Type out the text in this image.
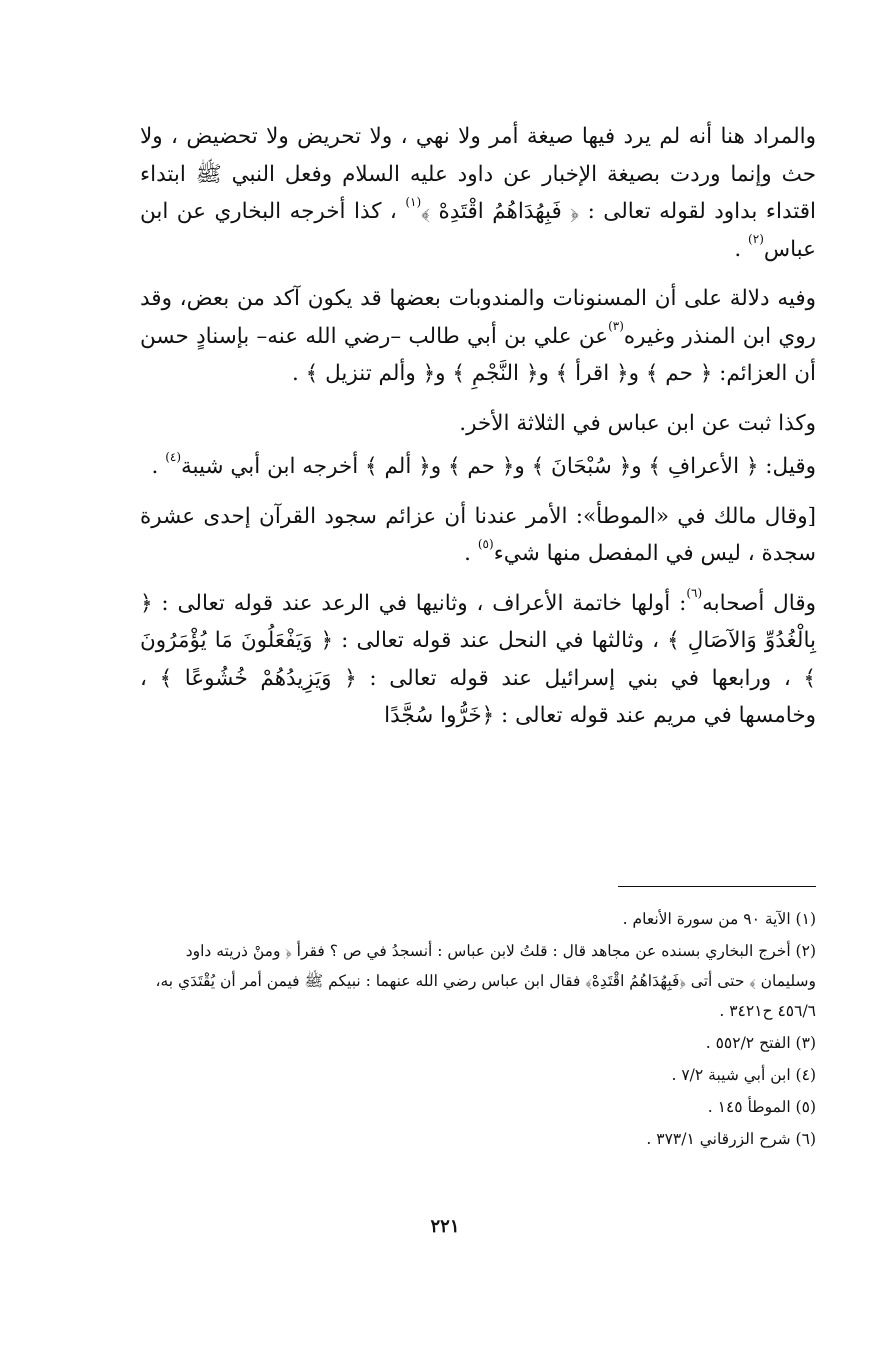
والمراد هنا أنه لم يرد فيها صيغة أمر ولا نهي ، ولا تحريض ولا تحضيض ، ولا حث وإنما وردت بصيغة الإخبار عن داود عليه السلام وفعل النبي ﷺ ابتداء اقتداء بداود لقوله تعالى : ﴿ فَبِهُدَاهُمُ اقْتَدِهْ ﴾$^{(١)}$ ، كذا أخرجه البخاري عن ابن عباس$^{(٢)}$ .

وفيه دلالة على أن المسنونات والمندوبات بعضها قد يكون آكد من بعض، وقد روي ابن المنذر وغيره$^{(٣)}$عن علي بن أبي طالب –رضي الله عنه– بإسنادٍ حسن أن العزائم: ﴿ حم ﴾ و﴿ اقرأ ﴾ و﴿ النَّجْمِ ﴾ و﴿ وألم تنزيل ﴾ .

وكذا ثبت عن ابن عباس في الثلاثة الأخر.

وقيل: ﴿ الأعرافِ ﴾ و﴿ سُبْحَانَ ﴾ و﴿ حم ﴾ و﴿ ألم ﴾ أخرجه ابن أبي شيبة$^{(٤)}$ .

[وقال مالك في «الموطأ»: الأمر عندنا أن عزائم سجود القرآن إحدى عشرة سجدة ، ليس في المفصل منها شيء$^{(٥)}$ .

وقال أصحابه$^{(٦)}$: أولها خاتمة الأعراف ، وثانيها في الرعد عند قوله تعالى : ﴿ بِالْغُدُوِّ وَالآصَالِ ﴾ ، وثالثها في النحل عند قوله تعالى : ﴿ وَيَفْعَلُونَ مَا يُؤْمَرُونَ ﴾ ، ورابعها في بني إسرائيل عند قوله تعالى : ﴿ وَيَزِيدُهُمْ خُشُوعًا ﴾ ، وخامسها في مريم عند قوله تعالى : ﴿خَرُّوا سُجَّدًا

(١) الآية ٩٠ من سورة الأنعام .
(٢) أخرج البخاري بسنده عن مجاهد قال : قلتُ لابن عباس : أنسجدُ في ص ؟ فقرأ ﴿ ومنْ ذريته داود وسليمان ﴾ حتى أتى ﴿فَبِهُدَاهُمُ اقْتَدِهْ﴾ فقال ابن عباس رضي الله عنهما : نبيكم ﷺ فيمن أمر أن يُقْتَدَي به، ٤٥٦/٦ ح٣٤٢١ .
(٣) الفتح ٥٥٢/٢ .
(٤) ابن أبي شيبة ٧/٢ .
(٥) الموطأ ١٤٥ .
(٦) شرح الزرقاني ٣٧٣/١ .
٢٢١
